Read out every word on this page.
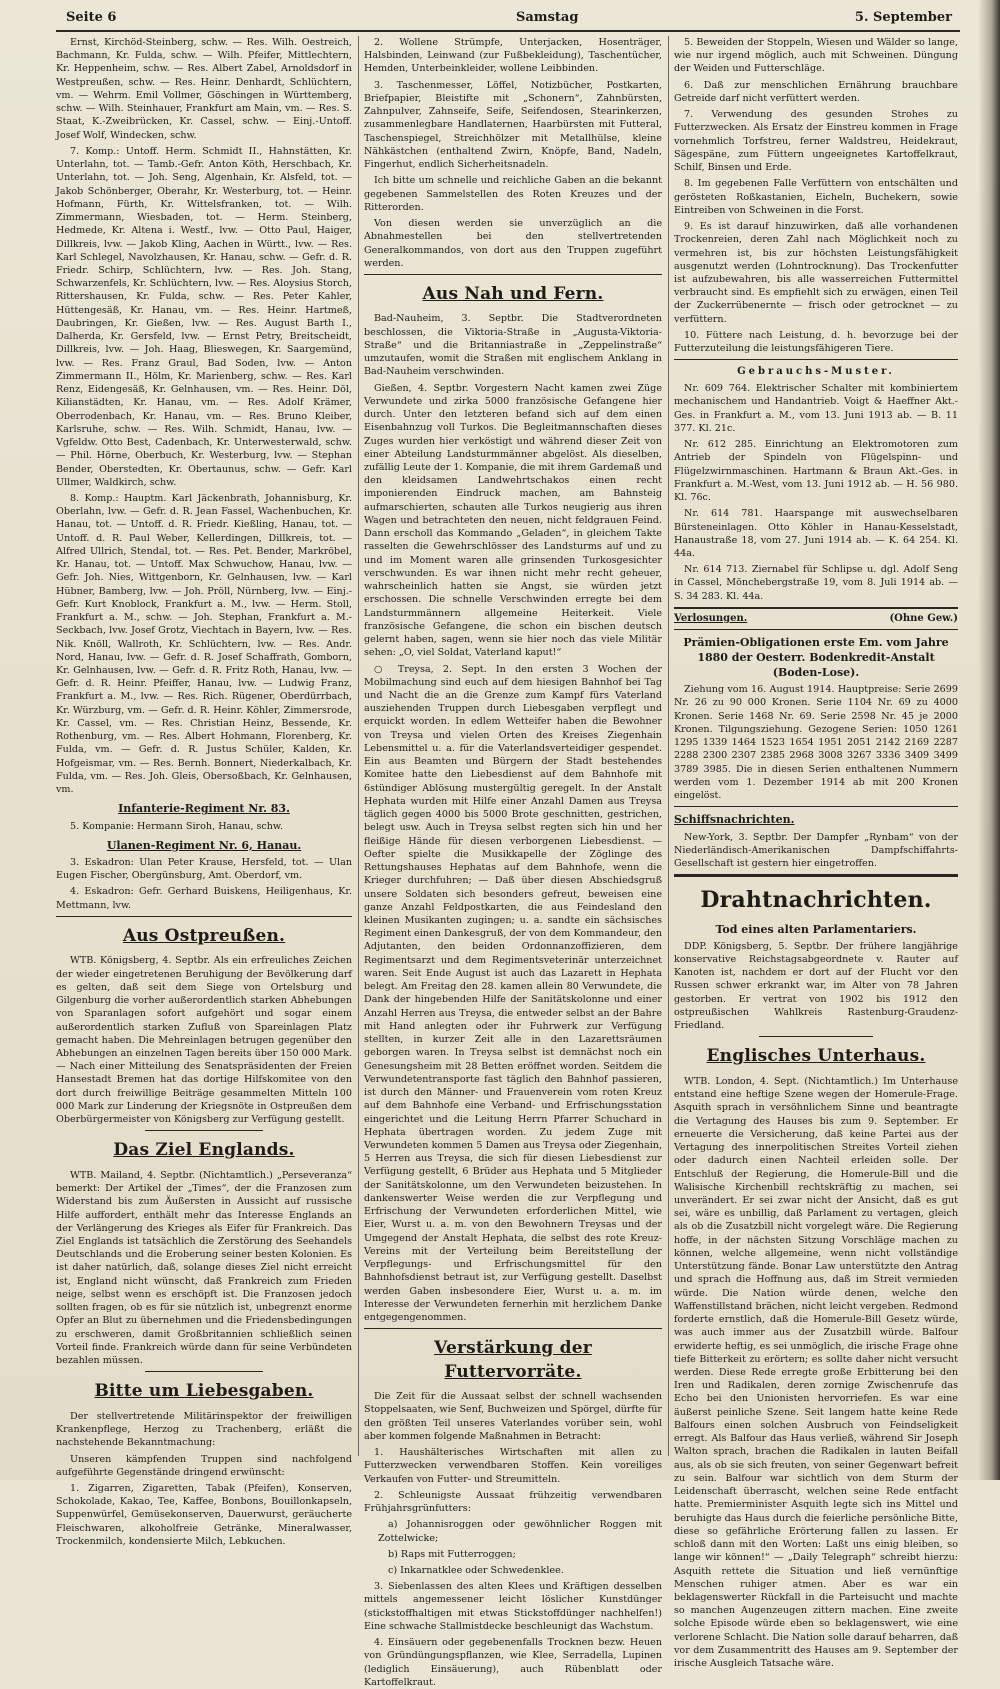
Seite 6	Samstag	5. September

Ernst, Kirchöd-Steinberg, schw. — Res. Wilh. Oestreich, Bachmann, Kr. Fulda, schw. — Wilh. Pfeifer, Mittlechtern, Kr. Heppenheim, schw. — Res. Albert Zabel, Arnoldsdorf in Westpreußen, schw. — Res. Heinr. Denhardt, Schlüchtern, vm. — Wehrm. Emil Vollmer, Göschingen in Württemberg, schw. — Wilh. Steinhauer, Frankfurt am Main, vm. — Res. S. Staat, K.-Zweibrücken, Kr. Cassel, schw. — Einj.-Untoff. Josef Wolf, Windecken, schw.

7. Komp.: Untoff. Herm. Schmidt II., Hahnstätten, Kr. Unterlahn, tot. — Tamb.-Gefr. Anton Köth, Herschbach, Kr. Unterlahn, tot. — Joh. Seng, Algenhain, Kr. Alsfeld, tot. — Jakob Schönberger, Oberahr, Kr. Westerburg, tot. — Heinr. Hofmann, Fürth, Kr. Wittelsfranken, tot. — Wilh. Zimmermann, Wiesbaden, tot. — Herm. Steinberg, Hedmede, Kr. Altena i. Westf., lvw. — Otto Paul, Haiger, Dillkreis, lvw. — Jakob Kling, Aachen in Württ., lvw. — Res. Karl Schlegel, Navolzhausen, Kr. Hanau, schw. — Gefr. d. R. Friedr. Schirp, Schlüchtern, lvw. — Res. Joh. Stang, Schwarzenfels, Kr. Schlüchtern, lvw. — Res. Aloysius Storch, Rittershausen, Kr. Fulda, schw. — Res. Peter Kahler, Hüttengesäß, Kr. Hanau, vm. — Res. Heinr. Hartmeß, Daubringen, Kr. Gießen, lvw. — Res. August Barth I., Dalherda, Kr. Gersfeld, lvw. — Ernst Petry, Breitscheidt, Dillkreis, lvw. — Joh. Haag, Blieswegen, Kr. Saargemünd, lvw. — Res. Franz Graul, Bad Soden, lvw. — Anton Zimmermann II., Hölm, Kr. Marienberg, schw. — Res. Karl Renz, Eidengesäß, Kr. Gelnhausen, vm. — Res. Heinr. Döl, Kilianstädten, Kr. Hanau, vm. — Res. Adolf Krämer, Oberrodenbach, Kr. Hanau, vm. — Res. Bruno Kleiber, Karlsruhe, schw. — Res. Wilh. Schmidt, Hanau, lvw. — Vgfeldw. Otto Best, Cadenbach, Kr. Unterwesterwald, schw. — Phil. Hörne, Oberbuch, Kr. Westerburg, lvw. — Stephan Bender, Oberstedten, Kr. Obertaunus, schw. — Gefr. Karl Ullmer, Waldkirch, schw.

8. Komp.: Hauptm. Karl Jäckenbrath, Johannisburg, Kr. Oberlahn, lvw. — Gefr. d. R. Jean Fassel, Wachenbuchen, Kr. Hanau, tot. — Untoff. d. R. Friedr. Kießling, Hanau, tot. — Untoff. d. R. Paul Weber, Kellerdingen, Dillkreis, tot. — Alfred Ullrich, Stendal, tot. — Res. Pet. Bender, Markröbel, Kr. Hanau, tot. — Untoff. Max Schwuchow, Hanau, lvw. — Gefr. Joh. Nies, Wittgenborn, Kr. Gelnhausen, lvw. — Karl Hübner, Bamberg, lvw. — Joh. Pröll, Nürnberg, lvw. — Einj.-Gefr. Kurt Knoblock, Frankfurt a. M., lvw. — Herm. Stoll, Frankfurt a. M., schw. — Joh. Stephan, Frankfurt a. M.-Seckbach, lvw. Josef Grotz, Viechtach in Bayern, lvw. — Res. Nik. Knöll, Wallroth, Kr. Schlüchtern, lvw. — Res. Andr. Nord, Hanau, lvw. — Gefr. d. R. Josef Schaffrath, Gomborn, Kr. Gelnhausen, lvw. — Gefr. d. R. Fritz Roth, Hanau, lvw. — Gefr. d. R. Heinr. Pfeiffer, Hanau, lvw. — Ludwig Franz, Frankfurt a. M., lvw. — Res. Rich. Rügener, Oberdürrbach, Kr. Würzburg, vm. — Gefr. d. R. Heinr. Köhler, Zimmersrode, Kr. Cassel, vm. — Res. Christian Heinz, Bessende, Kr. Rothenburg, vm. — Res. Albert Hohmann, Florenberg, Kr. Fulda, vm. — Gefr. d. R. Justus Schüler, Kalden, Kr. Hofgeismar, vm. — Res. Bernh. Bonnert, Niederkalbach, Kr. Fulda, vm. — Res. Joh. Gleis, Obersoßbach, Kr. Gelnhausen, vm.

Infanterie-Regiment Nr. 83.

5. Kompanie: Hermann Siroh, Hanau, schw.

Ulanen-Regiment Nr. 6, Hanau.

3. Eskadron: Ulan Peter Krause, Hersfeld, tot. — Ulan Eugen Fischer, Obergünsburg, Amt. Oberdorf, vm.

4. Eskadron: Gefr. Gerhard Buiskens, Heiligenhaus, Kr. Mettmann, lvw.

Aus Ostpreußen.

WTB. Königsberg, 4. Septbr. Als ein erfreuliches Zeichen der wieder eingetretenen Beruhigung der Bevölkerung darf es gelten, daß seit dem Siege von Ortelsburg und Gilgenburg die vorher außerordentlich starken Abhebungen von Sparanlagen sofort aufgehört und sogar einem außerordentlich starken Zufluß von Spareinlagen Platz gemacht haben. Die Mehreinlagen betrugen gegenüber den Abhebungen an einzelnen Tagen bereits über 150 000 Mark. — Nach einer Mitteilung des Senatspräsidenten der Freien Hansestadt Bremen hat das dortige Hilfskomitee von den dort durch freiwillige Beiträge gesammelten Mitteln 100 000 Mark zur Linderung der Kriegsnöte in Ostpreußen dem Oberbürgermeister von Königsberg zur Verfügung gestellt.

Das Ziel Englands.

WTB. Mailand, 4. Septbr. (Nichtamtlich.) „Perseveranza“ bemerkt: Der Artikel der „Times“, der die Franzosen zum Widerstand bis zum Äußersten in Aussicht auf russische Hilfe auffordert, enthält mehr das Interesse Englands an der Verlängerung des Krieges als Eifer für Frankreich. Das Ziel Englands ist tatsächlich die Zerstörung des Seehandels Deutschlands und die Eroberung seiner besten Kolonien. Es ist daher natürlich, daß, solange dieses Ziel nicht erreicht ist, England nicht wünscht, daß Frankreich zum Frieden neige, selbst wenn es erschöpft ist. Die Franzosen jedoch sollten fragen, ob es für sie nützlich ist, unbegrenzt enorme Opfer an Blut zu übernehmen und die Friedensbedingungen zu erschweren, damit Großbritannien schließlich seinen Vorteil finde. Frankreich würde dann für seine Verbündeten bezahlen müssen.

Bitte um Liebesgaben.

Der stellvertretende Militärinspektor der freiwilligen Krankenpflege, Herzog zu Trachenberg, erläßt die nachstehende Bekanntmachung:

Unseren kämpfenden Truppen sind nachfolgend aufgeführte Gegenstände dringend erwünscht:

1. Zigarren, Zigaretten, Tabak (Pfeifen), Konserven, Schokolade, Kakao, Tee, Kaffee, Bonbons, Bouillonkapseln, Suppenwürfel, Gemüsekonserven, Dauerwurst, geräucherte Fleischwaren, alkoholfreie Getränke, Mineralwasser, Trockenmilch, kondensierte Milch, Lebkuchen.

2. Wollene Strümpfe, Unterjacken, Hosenträger, Halsbinden, Leinwand (zur Fußbekleidung), Taschentücher, Hemden, Unterbeinkleider, wollene Leibbinden.

3. Taschenmesser, Löffel, Notizbücher, Postkarten, Briefpapier, Bleistifte mit „Schonern“, Zahnbürsten, Zahnpulver, Zahnseife, Seife, Seifendosen, Stearinkerzen, zusammenlegbare Handlaternen, Haarbürsten mit Futteral, Taschenspiegel, Streichhölzer mit Metallhülse, kleine Nähkästchen (enthaltend Zwirn, Knöpfe, Band, Nadeln, Fingerhut, endlich Sicherheitsnadeln.

Ich bitte um schnelle und reichliche Gaben an die bekannt gegebenen Sammelstellen des Roten Kreuzes und der Ritterorden.

Von diesen werden sie unverzüglich an die Abnahmestellen bei den stellvertretenden Generalkommandos, von dort aus den Truppen zugeführt werden.

Aus Nah und Fern.

Bad-Nauheim, 3. Septbr. Die Stadtverordneten beschlossen, die Viktoria-Straße in „Augusta-Viktoria-Straße“ und die Britanniastraße in „Zeppelinstraße“ umzutaufen, womit die Straßen mit englischem Anklang in Bad-Nauheim verschwinden.

Gießen, 4. Septbr. Vorgestern Nacht kamen zwei Züge Verwundete und zirka 5000 französische Gefangene hier durch. Unter den letzteren befand sich auf dem einen Eisenbahnzug voll Turkos. Die Begleitmannschaften dieses Zuges wurden hier verköstigt und während dieser Zeit von einer Abteilung Landsturmmänner abgelöst. Als dieselben, zufällig Leute der 1. Kompanie, die mit ihrem Gardemaß und den kleidsamen Landwehrtschakos einen recht imponierenden Eindruck machen, am Bahnsteig aufmarschierten, schauten alle Turkos neugierig aus ihren Wagen und betrachteten den neuen, nicht feldgrauen Feind. Dann erscholl das Kommando „Geladen“, in gleichem Takte rasselten die Gewehrschlösser des Landsturms auf und zu und im Moment waren alle grinsenden Turkosgesichter verschwunden. Es war ihnen nicht mehr recht geheuer, wahrscheinlich hatten sie Angst, sie würden jetzt erschossen. Die schnelle Verschwinden erregte bei dem Landsturmmännern allgemeine Heiterkeit. Viele französische Gefangene, die schon ein bischen deutsch gelernt haben, sagen, wenn sie hier noch das viele Militär sehen: „O, viel Soldat, Vaterland kaput!“

○ Treysa, 2. Sept. In den ersten 3 Wochen der Mobilmachung sind euch auf dem hiesigen Bahnhof bei Tag und Nacht die an die Grenze zum Kampf fürs Vaterland ausziehenden Truppen durch Liebesgaben verpflegt und erquickt worden. In edlem Wetteifer haben die Bewohner von Treysa und vielen Orten des Kreises Ziegenhain Lebensmittel u. a. für die Vaterlandsverteidiger gespendet. Ein aus Beamten und Bürgern der Stadt bestehendes Komitee hatte den Liebesdienst auf dem Bahnhofe mit 6stündiger Ablösung mustergültig geregelt. In der Anstalt Hephata wurden mit Hilfe einer Anzahl Damen aus Treysa täglich gegen 4000 bis 5000 Brote geschnitten, gestrichen, belegt usw. Auch in Treysa selbst regten sich hin und her fleißige Hände für diesen verborgenen Liebesdienst. — Oefter spielte die Musikkapelle der Zöglinge des Rettungshauses Hephatas auf dem Bahnhofe, wenn die Krieger durchfuhren; — Daß über diesen Abschiedsgruß unsere Soldaten sich besonders gefreut, beweisen eine ganze Anzahl Feldpostkarten, die aus Feindesland den kleinen Musikanten zugingen; u. a. sandte ein sächsisches Regiment einen Dankesgruß, der von dem Kommandeur, den Adjutanten, den beiden Ordonnanzoffizieren, dem Regimentsarzt und dem Regimentsveterinär unterzeichnet waren. Seit Ende August ist auch das Lazarett in Hephata belegt. Am Freitag den 28. kamen allein 80 Verwundete, die Dank der hingebenden Hilfe der Sanitätskolonne und einer Anzahl Herren aus Treysa, die entweder selbst an der Bahre mit Hand anlegten oder ihr Fuhrwerk zur Verfügung stellten, in kurzer Zeit alle in den Lazarettsräumen geborgen waren. In Treysa selbst ist demnächst noch ein Genesungsheim mit 28 Betten eröffnet worden. Seitdem die Verwundetentransporte fast täglich den Bahnhof passieren, ist durch den Männer- und Frauenverein vom roten Kreuz auf dem Bahnhofe eine Verband- und Erfrischungsstation eingerichtet und die Leitung Herrn Pfarrer Schuchard in Hephata übertragen worden. Zu jedem Zuge mit Verwundeten kommen 5 Damen aus Treysa oder Ziegenhain, 5 Herren aus Treysa, die sich für diesen Liebesdienst zur Verfügung gestellt, 6 Brüder aus Hephata und 5 Mitglieder der Sanitätskolonne, um den Verwundeten beizustehen. In dankenswerter Weise werden die zur Verpflegung und Erfrischung der Verwundeten erforderlichen Mittel, wie Eier, Wurst u. a. m. von den Bewohnern Treysas und der Umgegend der Anstalt Hephata, die selbst des rote Kreuz-Vereins mit der Verteilung beim Bereitstellung der Verpflegungs- und Erfrischungsmittel für den Bahnhofsdienst betraut ist, zur Verfügung gestellt. Daselbst werden Gaben insbesondere Eier, Wurst u. a. m. im Interesse der Verwundeten fernerhin mit herzlichem Danke entgegengenommen.

Verstärkung der Futtervorräte.

Die Zeit für die Aussaat selbst der schnell wachsenden Stoppelsaaten, wie Senf, Buchweizen und Spörgel, dürfte für den größten Teil unseres Vaterlandes vorüber sein, wohl aber kommen folgende Maßnahmen in Betracht:

1. Haushälterisches Wirtschaften mit allen zu Futterzwecken verwendbaren Stoffen. Kein voreiliges Verkaufen von Futter- und Streumitteln.

2. Schleunigste Aussaat frühzeitig verwendbaren Frühjahrsgrünfutters:

a) Johannisroggen oder gewöhnlicher Roggen mit Zottelwicke;

b) Raps mit Futterroggen;

c) Inkarnatklee oder Schwedenklee.

3. Siebenlassen des alten Klees und Kräftigen desselben mittels angemessener leicht löslicher Kunstdünger (stickstoffhaltigen mit etwas Stickstoffdünger nachhelfen!) Eine schwache Stallmistdecke beschleunigt das Wachstum.

4. Einsäuern oder gegebenenfalls Trocknen bezw. Heuen von Gründüngungspflanzen, wie Klee, Serradella, Lupinen (lediglich Einsäuerung), auch Rübenblatt oder Kartoffelkraut.

5. Beweiden der Stoppeln, Wiesen und Wälder so lange, wie nur irgend möglich, auch mit Schweinen. Düngung der Weiden und Futterschläge.

6. Daß zur menschlichen Ernährung brauchbare Getreide darf nicht verfüttert werden.

7. Verwendung des gesunden Strohes zu Futterzwecken. Als Ersatz der Einstreu kommen in Frage vornehmlich Torfstreu, ferner Waldstreu, Heidekraut, Sägespäne, zum Füttern ungeeignetes Kartoffelkraut, Schilf, Binsen und Erde.

8. Im gegebenen Falle Verfüttern von entschälten und gerösteten Roßkastanien, Eicheln, Buchekern, sowie Eintreiben von Schweinen in die Forst.

9. Es ist darauf hinzuwirken, daß alle vorhandenen Trockenreien, deren Zahl nach Möglichkeit noch zu vermehren ist, bis zur höchsten Leistungsfähigkeit ausgenutzt werden (Lohntrocknung). Das Trockenfutter ist aufzubewahren, bis alle wasserreichen Futtermittel verbraucht sind. Es empfiehlt sich zu erwägen, einen Teil der Zuckerrübenernte — frisch oder getrocknet — zu verfüttern.

10. Füttere nach Leistung, d. h. bevorzuge bei der Futterzuteilung die leistungsfähigeren Tiere.

Gebrauchs-Muster.

Nr. 609 764. Elektrischer Schalter mit kombiniertem mechanischem und Handantrieb. Voigt & Haeffner Akt.-Ges. in Frankfurt a. M., vom 13. Juni 1913 ab. — B. 11 377. Kl. 21c.

Nr. 612 285. Einrichtung an Elektromotoren zum Antrieb der Spindeln von Flügelspinn- und Flügelzwirnmaschinen. Hartmann & Braun Akt.-Ges. in Frankfurt a. M.-West, vom 13. Juni 1912 ab. — H. 56 980. Kl. 76c.

Nr. 614 781. Haarspange mit auswechselbaren Bürsteneinlagen. Otto Köhler in Hanau-Kesselstadt, Hanaustraße 18, vom 27. Juni 1914 ab. — K. 64 254. Kl. 44a.

Nr. 614 713. Ziernabel für Schlipse u. dgl. Adolf Seng in Cassel, Mönchebergstraße 19, vom 8. Juli 1914 ab. — S. 34 283. Kl. 44a.

Verlosungen.	(Ohne Gew.)
Prämien-Obligationen erste Em. vom Jahre 1880 der Oesterr. Bodenkredit-Anstalt (Boden-Lose).

Ziehung vom 16. August 1914. Hauptpreise: Serie 2699 Nr. 26 zu 90 000 Kronen. Serie 1104 Nr. 69 zu 4000 Kronen. Serie 1468 Nr. 69. Serie 2598 Nr. 45 je 2000 Kronen. Tilgungsziehung. Gezogene Serien: 1050 1261 1295 1339 1464 1523 1654 1951 2051 2142 2169 2287 2288 2300 2307 2385 2968 3008 3267 3336 3409 3499 3789 3985. Die in diesen Serien enthaltenen Nummern werden vom 1. Dezember 1914 ab mit 200 Kronen eingelöst.

Schiffsnachrichten.

New-York, 3. Septbr. Der Dampfer „Rynbam“ von der Niederländisch-Amerikanischen Dampfschiffahrts-Gesellschaft ist gestern hier eingetroffen.

Drahtnachrichten.
Tod eines alten Parlamentariers.

DDP. Königsberg, 5. Septbr. Der frühere langjährige konservative Reichstagsabgeordnete v. Rauter auf Kanoten ist, nachdem er dort auf der Flucht vor den Russen schwer erkrankt war, im Alter von 78 Jahren gestorben. Er vertrat von 1902 bis 1912 den ostpreußischen Wahlkreis Rastenburg-Graudenz-Friedland.

Englisches Unterhaus.

WTB. London, 4. Sept. (Nichtamtlich.) Im Unterhause entstand eine heftige Szene wegen der Homerule-Frage. Asquith sprach in versöhnlichem Sinne und beantragte die Vertagung des Hauses bis zum 9. September. Er erneuerte die Versicherung, daß keine Partei aus der Vertagung des innerpolitischen Streites Vorteil ziehen oder dadurch einen Nachteil erleiden solle. Der Entschluß der Regierung, die Homerule-Bill und die Walisische Kirchenbill rechtskräftig zu machen, sei unverändert. Er sei zwar nicht der Ansicht, daß es gut sei, wäre es unbillig, daß Parlament zu vertagen, gleich als ob die Zusatzbill nicht vorgelegt wäre. Die Regierung hoffe, in der nächsten Sitzung Vorschläge machen zu können, welche allgemeine, wenn nicht vollständige Unterstützung fände. Bonar Law unterstützte den Antrag und sprach die Hoffnung aus, daß im Streit vermieden würde. Die Nation würde denen, welche den Waffenstillstand brächen, nicht leicht vergeben. Redmond forderte ernstlich, daß die Homerule-Bill Gesetz würde, was auch immer aus der Zusatzbill würde. Balfour erwiderte heftig, es sei unmöglich, die irische Frage ohne tiefe Bitterkeit zu erörtern; es sollte daher nicht versucht werden. Diese Rede erregte große Erbitterung bei den Iren und Radikalen, deren zornige Zwischenrufe das Echo bei den Unionisten hervorriefen. Es war eine äußerst peinliche Szene. Seit langem hatte keine Rede Balfours einen solchen Ausbruch von Feindseligkeit erregt. Als Balfour das Haus verließ, während Sir Joseph Walton sprach, brachen die Radikalen in lauten Beifall aus, als ob sie sich freuten, von seiner Gegenwart befreit zu sein. Balfour war sichtlich von dem Sturm der Leidenschaft überrascht, welchen seine Rede entfacht hatte. Premierminister Asquith legte sich ins Mittel und beruhigte das Haus durch die feierliche persönliche Bitte, diese so gefährliche Erörterung fallen zu lassen. Er schloß dann mit den Worten: Laßt uns einig bleiben, so lange wir können!“ — „Daily Telegraph“ schreibt hierzu: Asquith rettete die Situation und ließ vernünftige Menschen ruhiger atmen. Aber es war ein beklagenswerter Rückfall in die Parteisucht und machte so manchen Augenzeugen zittern machen. Eine zweite solche Episode würde eben so beklagenswert, wie eine verlorene Schlacht. Die Nation solle darauf beharren, daß vor dem Zusammentritt des Hauses am 9. September der irische Ausgleich Tatsache wäre.
